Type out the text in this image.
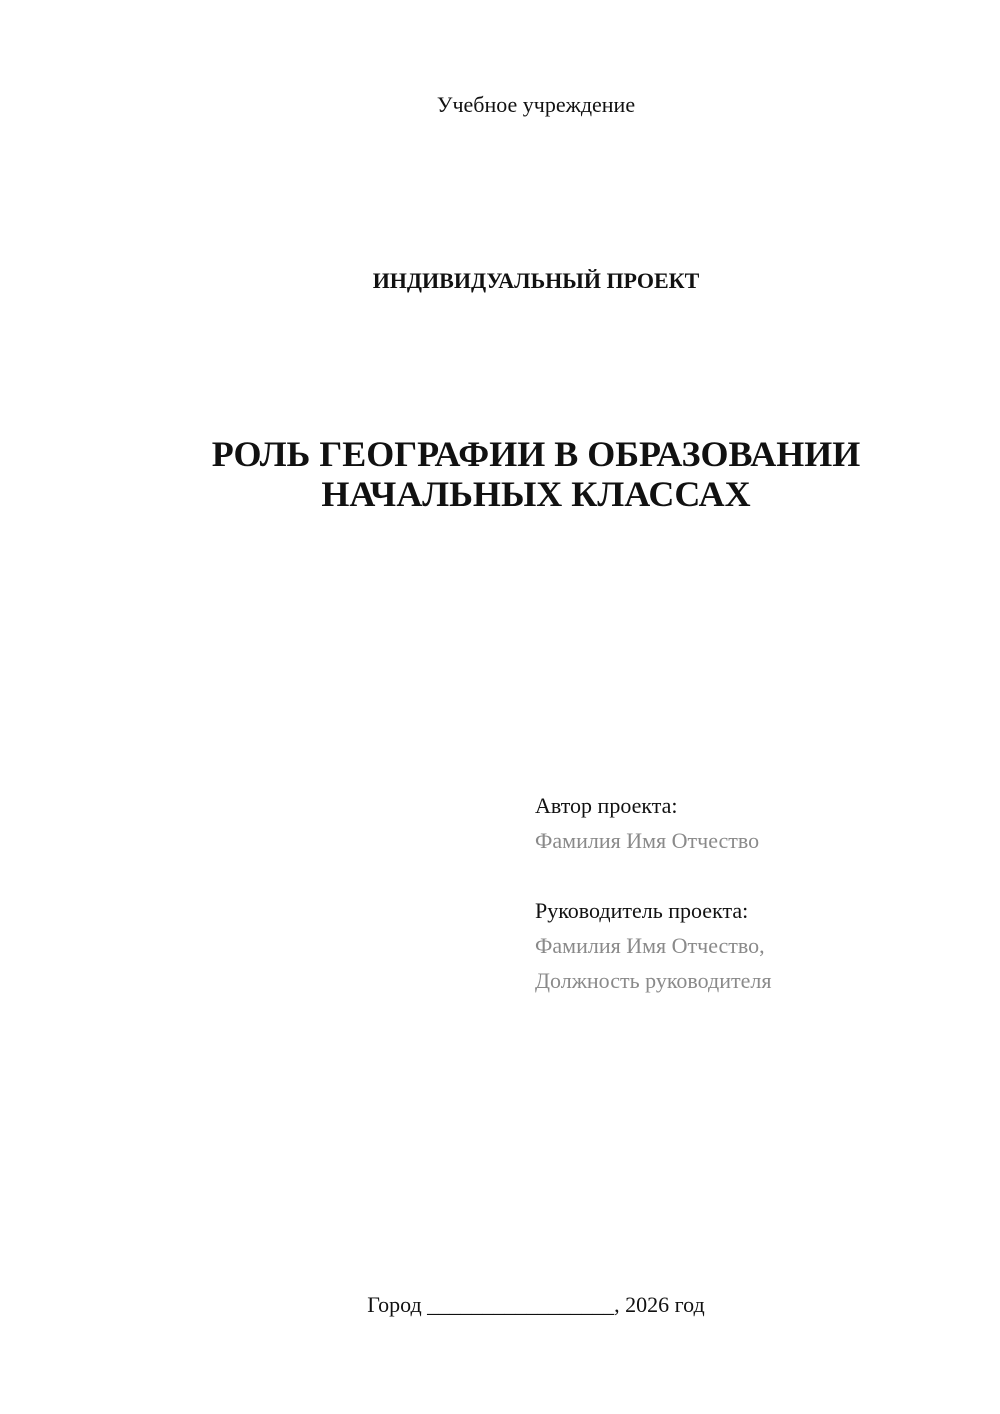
Учебное учреждение
ИНДИВИДУАЛЬНЫЙ ПРОЕКТ
РОЛЬ ГЕОГРАФИИ В ОБРАЗОВАНИИ
НАЧАЛЬНЫХ КЛАССАХ
Автор проекта:
Фамилия Имя Отчество
Руководитель проекта:
Фамилия Имя Отчество,
Должность руководителя
Город _________________, 2026 год
